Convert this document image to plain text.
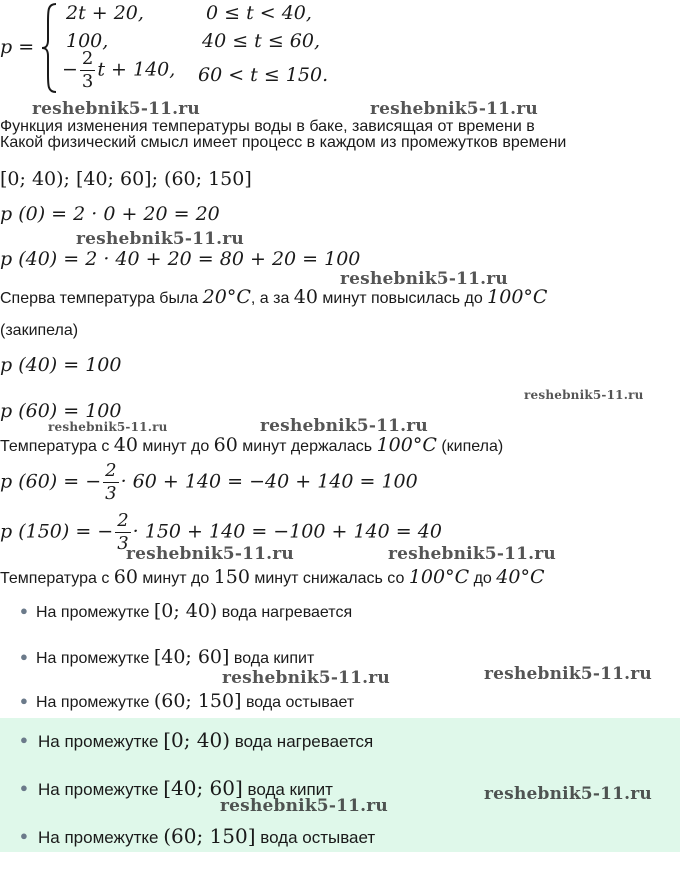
p =
2t + 20,	0 ≤ t < 40,
100,	40 ≤ t ≤ 60,
− $\frac{2}{3}$ t + 140, 60 < t ≤ 150.
Функция изменения температуры воды в баке, зависящая от времени в
Какой физический смысл имеет процесс в каждом из промежутков времени
[0; 40); [40; 60]; (60; 150]
p (0) = 2 · 0 + 20 = 20
p (40) = 2 · 40 + 20 = 80 + 20 = 100
Сперва температура была 20°C, а за 40 минут повысилась до 100°C
(закипела)
p (40) = 100
p (60) = 100
Температура с 40 минут до 60 минут держалась 100°C (кипела)
p (60) = − $\frac{2}{3} \cdot 60 + 140 = -40 + 140 = 100$
p (150) = − $\frac{2}{3} \cdot 150 + 140 = -100 + 140 = 40$
Температура с 60 минут до 150 минут снижалась со 100°C до 40°C
● На промежутке [0; 40) вода нагревается
● На промежутке [40; 60] вода кипит
● На промежутке (60; 150] вода остывает
● На промежутке [0; 40) вода нагревается
● На промежутке [40; 60] вода кипит
● На промежутке (60; 150] вода остывает
reshebnik5-11.ru	reshebnik5-11.ru
reshebnik5-11.ru
reshebnik5-11.ru
reshebnik5-11.ru
reshebnik5-11.ru	reshebnik5-11.ru
reshebnik5-11.ru	reshebnik5-11.ru
reshebnik5-11.ru	reshebnik5-11.ru
reshebnik5-11.ru
reshebnik5-11.ru
